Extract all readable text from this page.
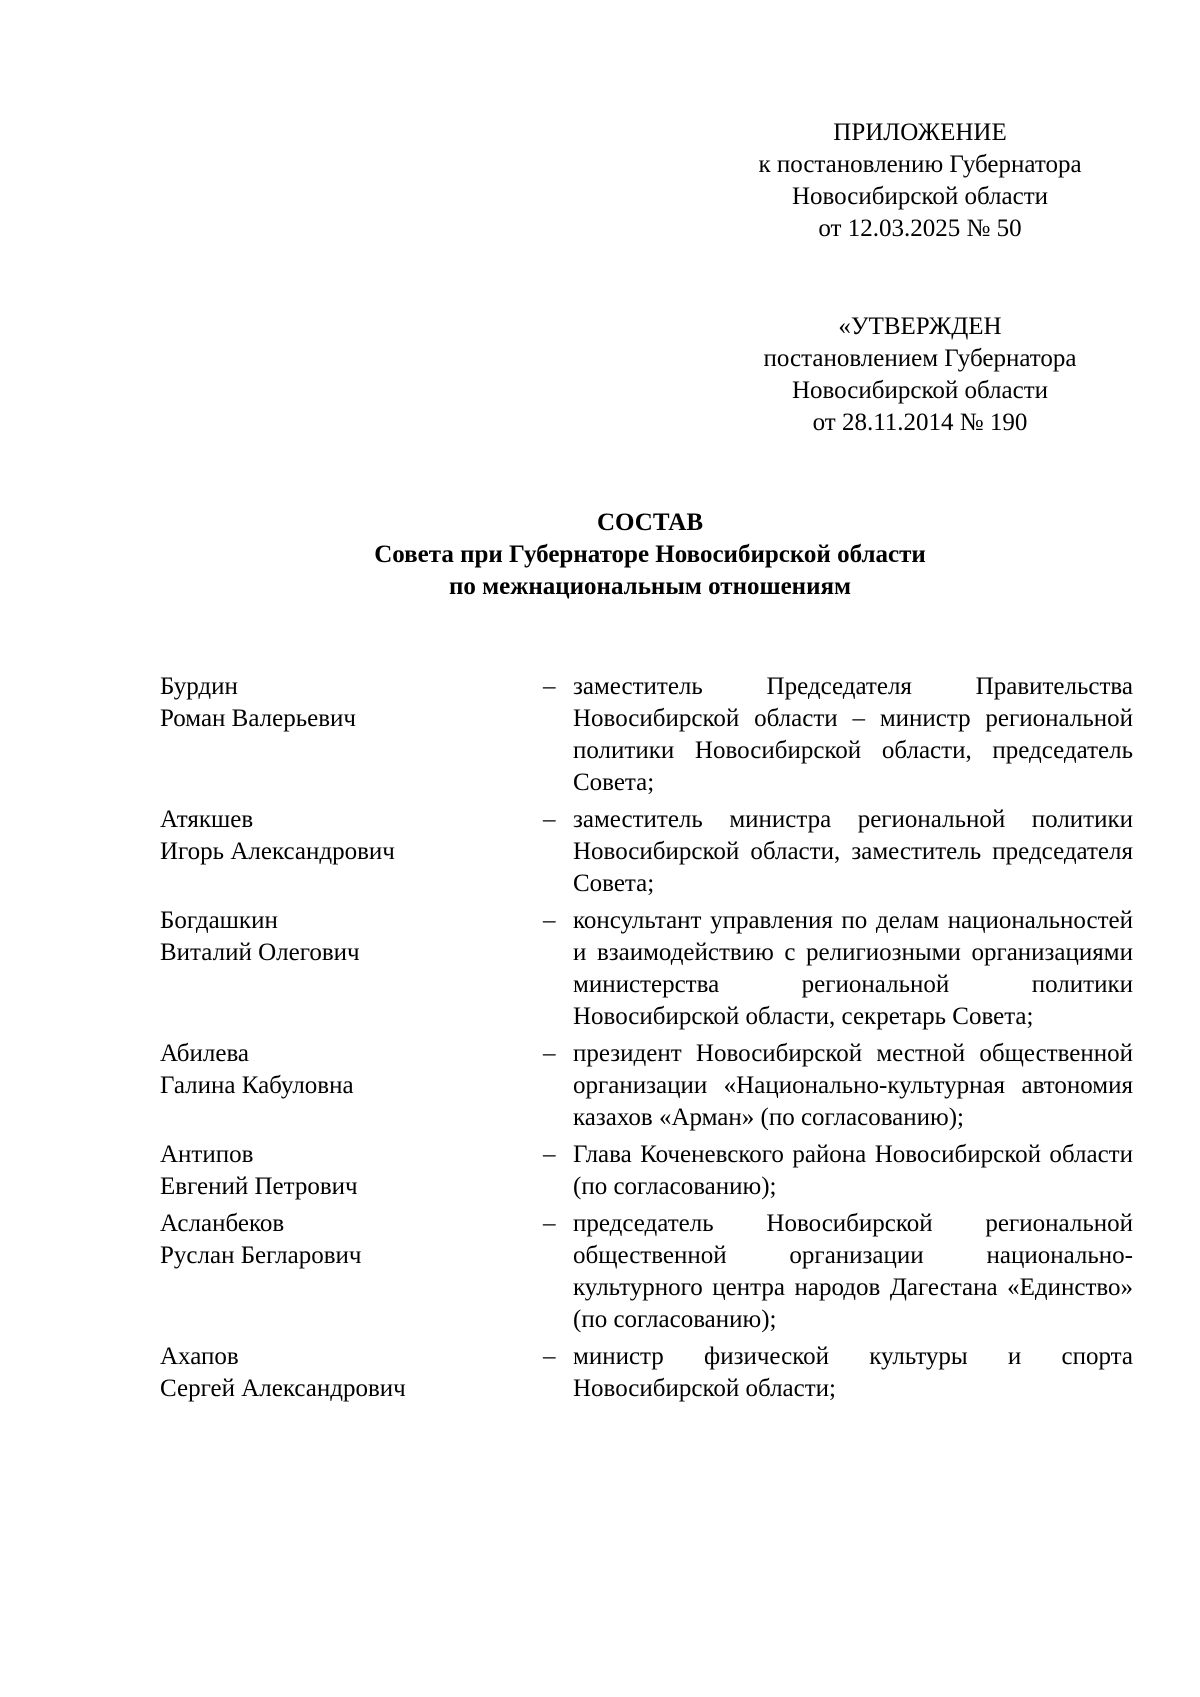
ПРИЛОЖЕНИЕ
к постановлению Губернатора
Новосибирской области
от 12.03.2025 № 50
«УТВЕРЖДЕН
постановлением Губернатора
Новосибирской области
от 28.11.2014 № 190
СОСТАВ
Совета при Губернаторе Новосибирской области
по межнациональным отношениям
Бурдин
Роман Валерьевич
– заместитель Председателя Правительства Новосибирской области – министр региональной политики Новосибирской области, председатель Совета;
Атякшев
Игорь Александрович
– заместитель министра региональной политики Новосибирской области, заместитель председателя Совета;
Богдашкин
Виталий Олегович
– консультант управления по делам национальностей и взаимодействию с религиозными организациями министерства региональной политики Новосибирской области, секретарь Совета;
Абилева
Галина Кабуловна
– президент Новосибирской местной общественной организации «Национально-культурная автономия казахов «Арман» (по согласованию);
Антипов
Евгений Петрович
– Глава Коченевского района Новосибирской области (по согласованию);
Асланбеков
Руслан Бегларович
– председатель Новосибирской региональной общественной организации национально-культурного центра народов Дагестана «Единство» (по согласованию);
Ахапов
Сергей Александрович
– министр физической культуры и спорта Новосибирской области;
